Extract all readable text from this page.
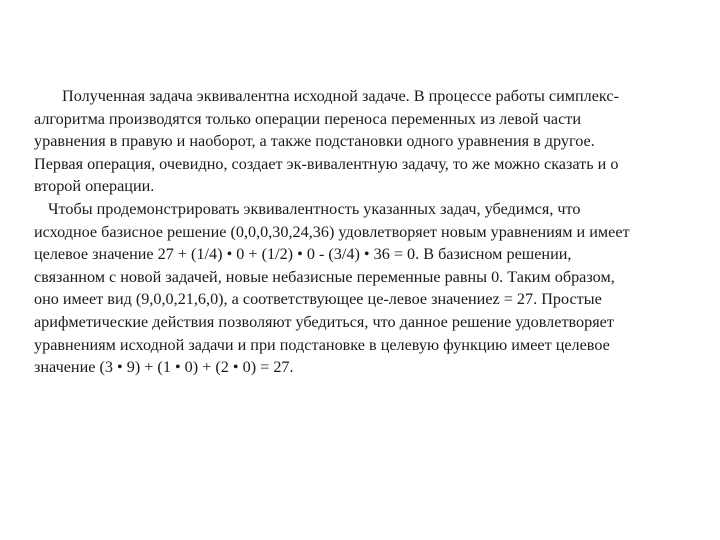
Полученная задача эквивалентна исходной задаче. В процессе работы симплекс-
алгоритма производятся только операции переноса переменных из левой части
уравнения в правую и наоборот, а также подстановки одного уравнения в другое.
Первая операция, очевидно, создает эк-вивалентную задачу, то же можно сказать и о
второй операции.
Чтобы продемонстрировать эквивалентность указанных задач, убедимся, что
исходное базисное решение (0,0,0,30,24,36) удовлетворяет новым уравнениям и имеет
целевое значение 27 + (1/4) • 0 + (1/2) • 0 - (3/4) • 36 = 0. В базисном решении,
связанном с новой задачей, новые небазисные переменные равны 0. Таким образом,
оно имеет вид (9,0,0,21,6,0), а соответствующее це-левое значениеz = 27. Простые
арифметические действия позволяют убедиться, что данное решение удовлетворяет
уравнениям исходной задачи и при подстановке в целевую функцию имеет целевое
значение (3 • 9) + (1 • 0) + (2 • 0) = 27.
